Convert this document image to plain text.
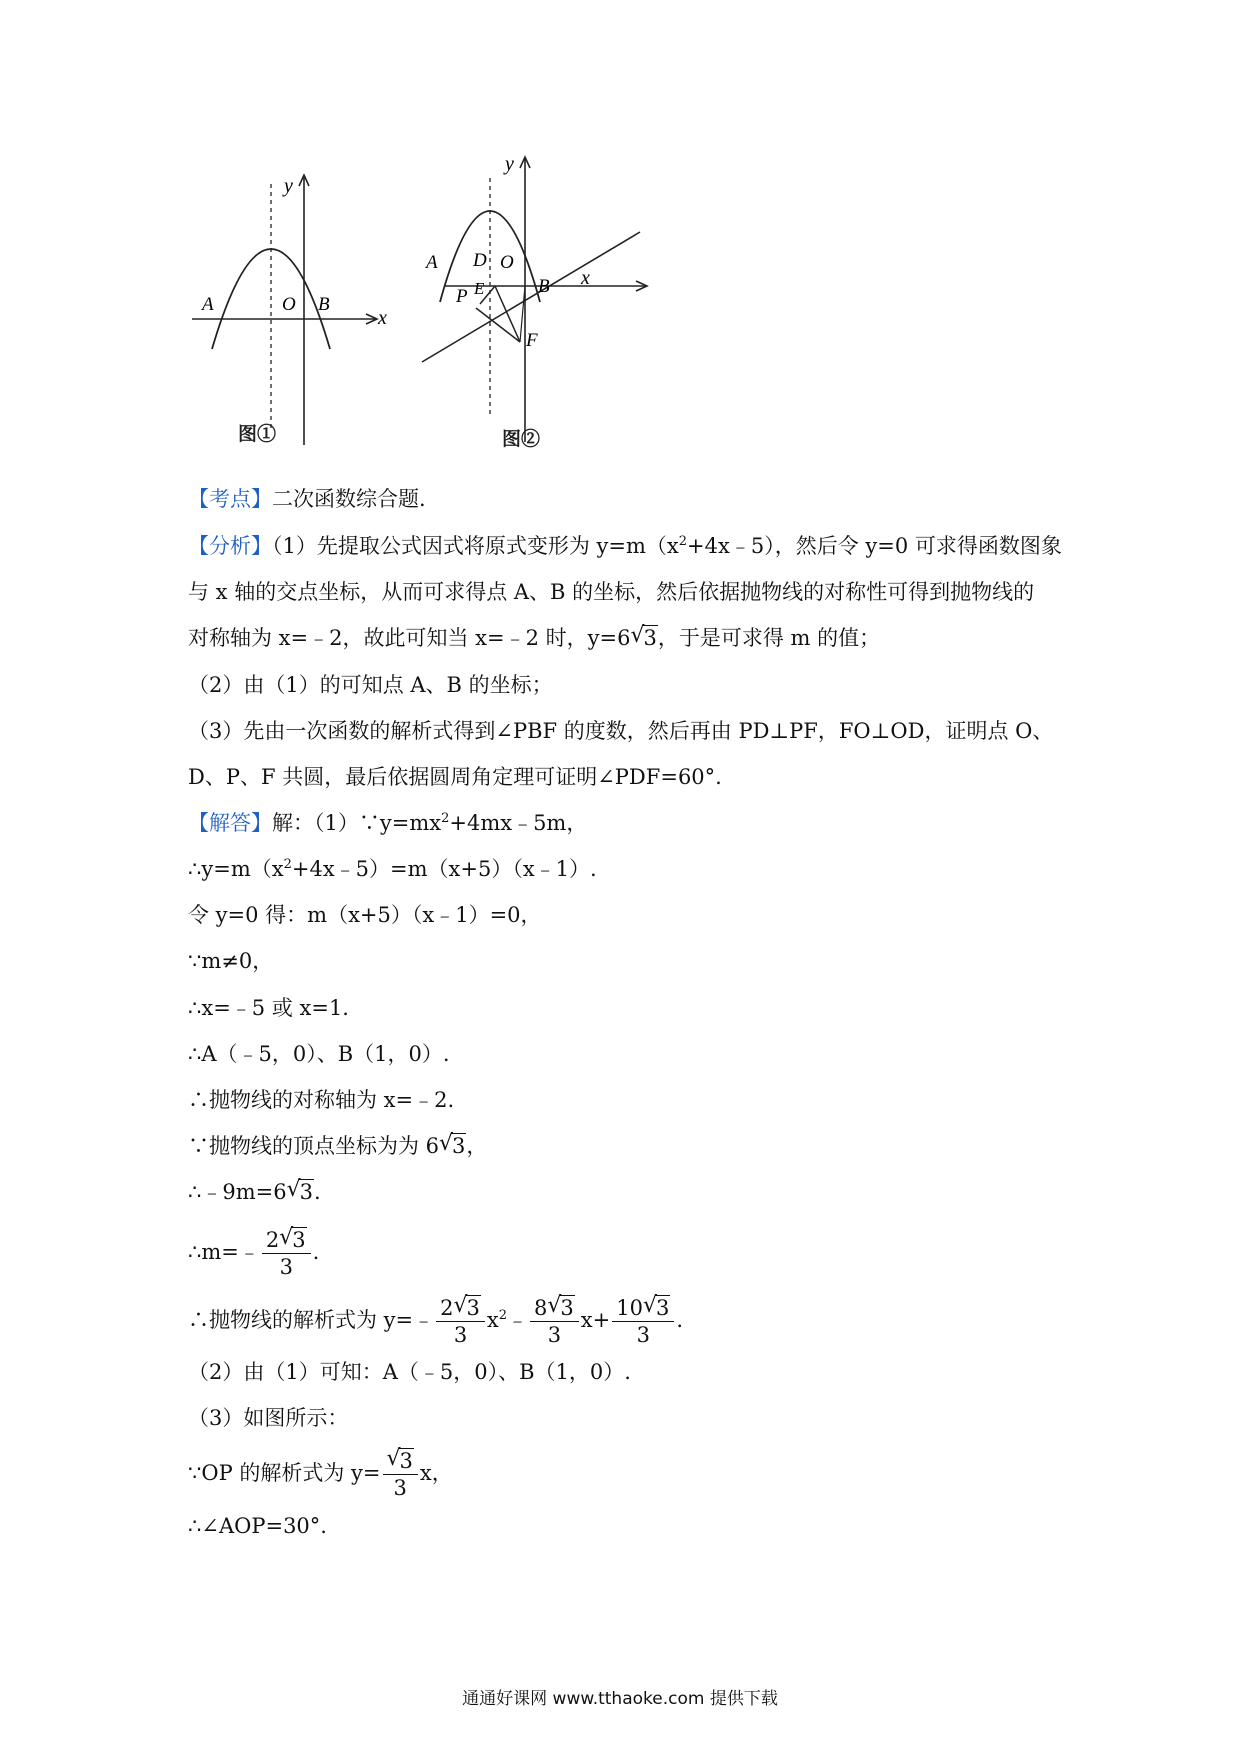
y
x
A	O B
图①
y
x
A D O
B
P E
F
图②
【考点】二次函数综合题.
【分析】（1）先提取公式因式将原式变形为 $y=m(x^2+4x﹣5)$，然后令 y=0 可求得函数图象
与 x 轴的交点坐标，从而可求得点 A、B 的坐标，然后依据抛物线的对称性可得到抛物线的
对称轴为 x=﹣2，故此可知当 x=﹣2 时，y=6 √ 3，于是可求得 m 的值；
（2）由（1）的可知点 A、B 的坐标；
（3）先由一次函数的解析式得到∠PBF 的度数，然后再由 PD⊥PF，FO⊥OD，证明点 O、
D、P、F 共圆，最后依据圆周角定理可证明∠PDF=60°.
【解答】解：$(1)\because y=mx^2+4mx﹣5m$，
$\therefore y=m(x^2+4x﹣5)=m(x+5)(x﹣1)$.
令 y=0 得：m（x+5）（x﹣1）=0，
∵m≠0，
∴x=﹣5 或 x=1.
∴A（﹣5，0）、B（1，0）.
∴抛物线的对称轴为 x=﹣2.
∵抛物线的顶点坐标为为 6 √ 3，
∴﹣9m=6 √ 3.
∴m=﹣ $\frac{2 √ 3}{3}$ .
∴抛物线的解析式为 y=﹣ $\frac{2 √ 3}{3}$ $x^2﹣ \frac{8 √ 3}{3} x+ \frac{10 √ 3}{3}$ .
（2）由（1）可知：A（﹣5，0）、B（1，0）.
（3）如图所示：
∵OP 的解析式为 y= √ $\frac{3}{3}$ x，
∴∠AOP=30°.
通通好课网 www.tthaoke.com 提供下载
